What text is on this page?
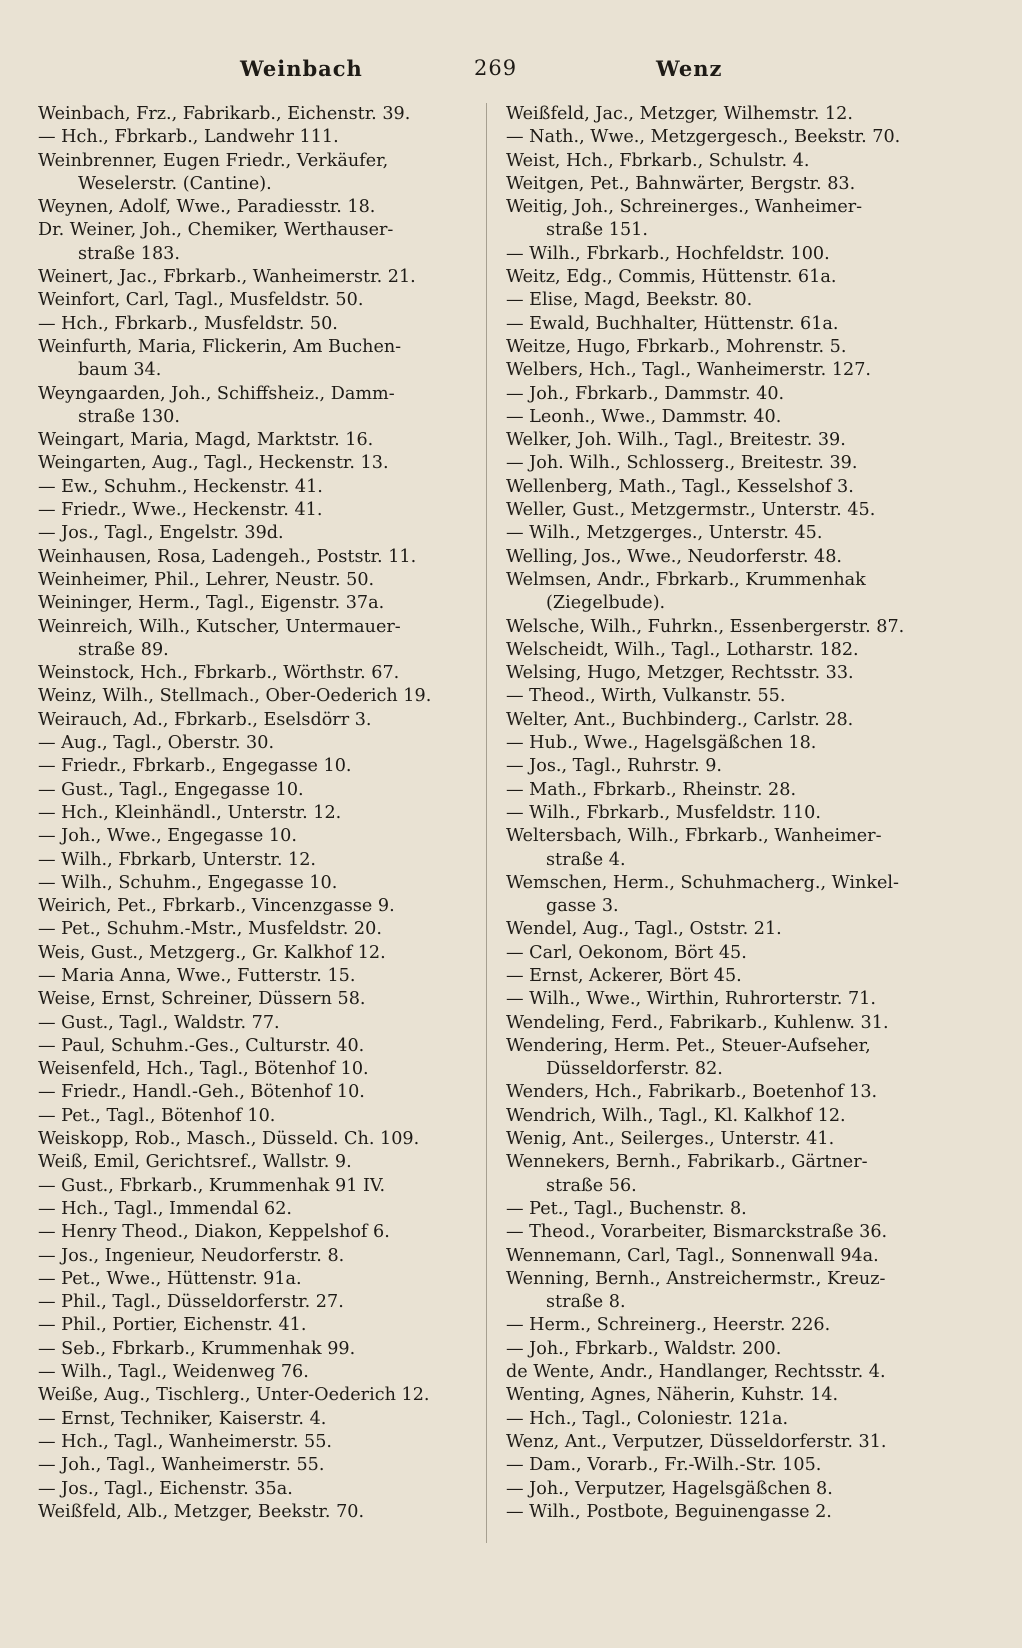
Weinbach	269	Wenz
Weinbach, Frz., Fabrikarb., Eichenstr. 39.
— Hch., Fbrkarb., Landwehr 111.
Weinbrenner, Eugen Friedr., Verkäufer,
Weselerstr. (Cantine).
Weynen, Adolf, Wwe., Paradiesstr. 18.
Dr. Weiner, Joh., Chemiker, Werthauser-
straße 183.
Weinert, Jac., Fbrkarb., Wanheimerstr. 21.
Weinfort, Carl, Tagl., Musfeldstr. 50.
— Hch., Fbrkarb., Musfeldstr. 50.
Weinfurth, Maria, Flickerin, Am Buchen-
baum 34.
Weyngaarden, Joh., Schiffsheiz., Damm-
straße 130.
Weingart, Maria, Magd, Marktstr. 16.
Weingarten, Aug., Tagl., Heckenstr. 13.
— Ew., Schuhm., Heckenstr. 41.
— Friedr., Wwe., Heckenstr. 41.
— Jos., Tagl., Engelstr. 39d.
Weinhausen, Rosa, Ladengeh., Poststr. 11.
Weinheimer, Phil., Lehrer, Neustr. 50.
Weininger, Herm., Tagl., Eigenstr. 37a.
Weinreich, Wilh., Kutscher, Untermauer-
straße 89.
Weinstock, Hch., Fbrkarb., Wörthstr. 67.
Weinz, Wilh., Stellmach., Ober-Oederich 19.
Weirauch, Ad., Fbrkarb., Eselsdörr 3.
— Aug., Tagl., Oberstr. 30.
— Friedr., Fbrkarb., Engegasse 10.
— Gust., Tagl., Engegasse 10.
— Hch., Kleinhändl., Unterstr. 12.
— Joh., Wwe., Engegasse 10.
— Wilh., Fbrkarb, Unterstr. 12.
— Wilh., Schuhm., Engegasse 10.
Weirich, Pet., Fbrkarb., Vincenzgasse 9.
— Pet., Schuhm.-Mstr., Musfeldstr. 20.
Weis, Gust., Metzgerg., Gr. Kalkhof 12.
— Maria Anna, Wwe., Futterstr. 15.
Weise, Ernst, Schreiner, Düssern 58.
— Gust., Tagl., Waldstr. 77.
— Paul, Schuhm.-Ges., Culturstr. 40.
Weisenfeld, Hch., Tagl., Bötenhof 10.
— Friedr., Handl.-Geh., Bötenhof 10.
— Pet., Tagl., Bötenhof 10.
Weiskopp, Rob., Masch., Düsseld. Ch. 109.
Weiß, Emil, Gerichtsref., Wallstr. 9.
— Gust., Fbrkarb., Krummenhak 91 IV.
— Hch., Tagl., Immendal 62.
— Henry Theod., Diakon, Keppelshof 6.
— Jos., Ingenieur, Neudorferstr. 8.
— Pet., Wwe., Hüttenstr. 91a.
— Phil., Tagl., Düsseldorferstr. 27.
— Phil., Portier, Eichenstr. 41.
— Seb., Fbrkarb., Krummenhak 99.
— Wilh., Tagl., Weidenweg 76.
Weiße, Aug., Tischlerg., Unter-Oederich 12.
— Ernst, Techniker, Kaiserstr. 4.
— Hch., Tagl., Wanheimerstr. 55.
— Joh., Tagl., Wanheimerstr. 55.
— Jos., Tagl., Eichenstr. 35a.
Weißfeld, Alb., Metzger, Beekstr. 70.
Weißfeld, Jac., Metzger, Wilhemstr. 12.
— Nath., Wwe., Metzgergesch., Beekstr. 70.
Weist, Hch., Fbrkarb., Schulstr. 4.
Weitgen, Pet., Bahnwärter, Bergstr. 83.
Weitig, Joh., Schreinerges., Wanheimer-
straße 151.
— Wilh., Fbrkarb., Hochfeldstr. 100.
Weitz, Edg., Commis, Hüttenstr. 61a.
— Elise, Magd, Beekstr. 80.
— Ewald, Buchhalter, Hüttenstr. 61a.
Weitze, Hugo, Fbrkarb., Mohrenstr. 5.
Welbers, Hch., Tagl., Wanheimerstr. 127.
— Joh., Fbrkarb., Dammstr. 40.
— Leonh., Wwe., Dammstr. 40.
Welker, Joh. Wilh., Tagl., Breitestr. 39.
— Joh. Wilh., Schlosserg., Breitestr. 39.
Wellenberg, Math., Tagl., Kesselshof 3.
Weller, Gust., Metzgermstr., Unterstr. 45.
— Wilh., Metzgerges., Unterstr. 45.
Welling, Jos., Wwe., Neudorferstr. 48.
Welmsen, Andr., Fbrkarb., Krummenhak
(Ziegelbude).
Welsche, Wilh., Fuhrkn., Essenbergerstr. 87.
Welscheidt, Wilh., Tagl., Lotharstr. 182.
Welsing, Hugo, Metzger, Rechtsstr. 33.
— Theod., Wirth, Vulkanstr. 55.
Welter, Ant., Buchbinderg., Carlstr. 28.
— Hub., Wwe., Hagelsgäßchen 18.
— Jos., Tagl., Ruhrstr. 9.
— Math., Fbrkarb., Rheinstr. 28.
— Wilh., Fbrkarb., Musfeldstr. 110.
Weltersbach, Wilh., Fbrkarb., Wanheimer-
straße 4.
Wemschen, Herm., Schuhmacherg., Winkel-
gasse 3.
Wendel, Aug., Tagl., Oststr. 21.
— Carl, Oekonom, Bört 45.
— Ernst, Ackerer, Bört 45.
— Wilh., Wwe., Wirthin, Ruhrorterstr. 71.
Wendeling, Ferd., Fabrikarb., Kuhlenw. 31.
Wendering, Herm. Pet., Steuer-Aufseher,
Düsseldorferstr. 82.
Wenders, Hch., Fabrikarb., Boetenhof 13.
Wendrich, Wilh., Tagl., Kl. Kalkhof 12.
Wenig, Ant., Seilerges., Unterstr. 41.
Wennekers, Bernh., Fabrikarb., Gärtner-
straße 56.
— Pet., Tagl., Buchenstr. 8.
— Theod., Vorarbeiter, Bismarckstraße 36.
Wennemann, Carl, Tagl., Sonnenwall 94a.
Wenning, Bernh., Anstreichermstr., Kreuz-
straße 8.
— Herm., Schreinerg., Heerstr. 226.
— Joh., Fbrkarb., Waldstr. 200.
de Wente, Andr., Handlanger, Rechtsstr. 4.
Wenting, Agnes, Näherin, Kuhstr. 14.
— Hch., Tagl., Coloniestr. 121a.
Wenz, Ant., Verputzer, Düsseldorferstr. 31.
— Dam., Vorarb., Fr.-Wilh.-Str. 105.
— Joh., Verputzer, Hagelsgäßchen 8.
— Wilh., Postbote, Beguinengasse 2.
